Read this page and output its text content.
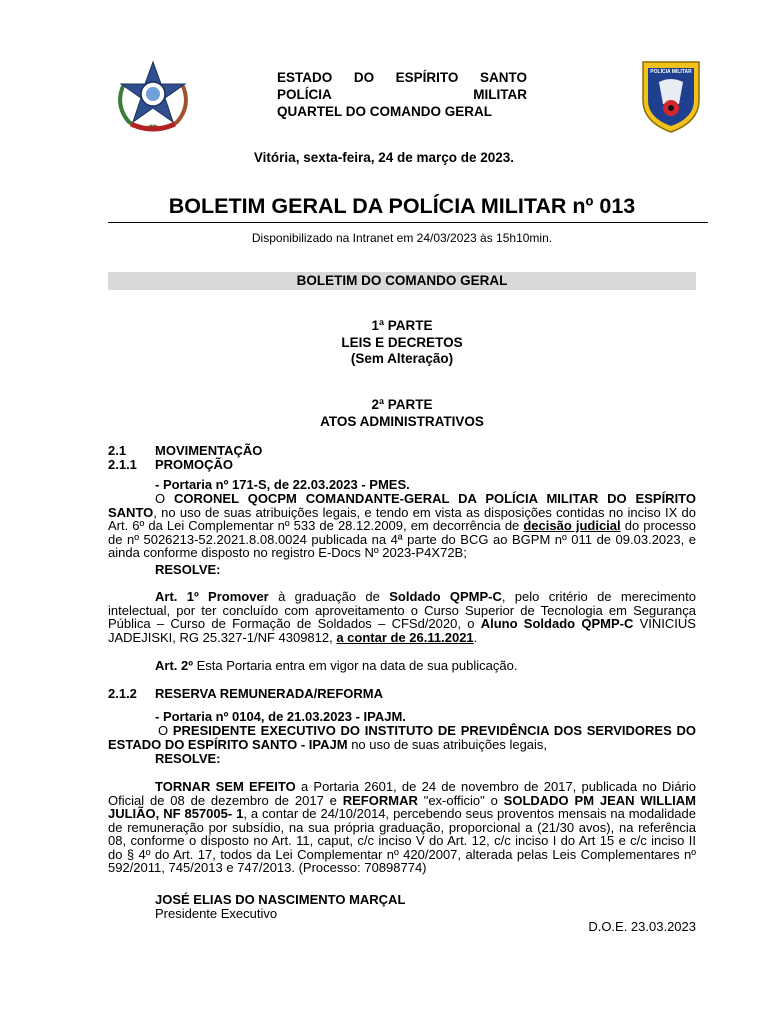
ESTADO DO ESPÍRITO SANTO
POLÍCIA	MILITAR
QUARTEL DO COMANDO GERAL
POLÍCIA MILITAR
Vitória, sexta-feira, 24 de março de 2023.
BOLETIM GERAL DA POLÍCIA MILITAR nº 013
Disponibilizado na Intranet em 24/03/2023 às 15h10min.
BOLETIM DO COMANDO GERAL
1ª PARTE
LEIS E DECRETOS
(Sem Alteração)
2ª PARTE
ATOS ADMINISTRATIVOS
2.1 MOVIMENTAÇÃO
2.1.1 PROMOÇÃO
- Portaria nº 171-S, de 22.03.2023 - PMES.
O CORONEL QOCPM COMANDANTE-GERAL DA POLÍCIA MILITAR DO ESPÍRITO SANTO, no uso de suas atribuições legais, e tendo em vista as disposições contidas no inciso IX do Art. 6º da Lei Complementar nº 533 de 28.12.2009, em decorrência de decisão judicial do processo de nº 5026213-52.2021.8.08.0024 publicada na 4ª parte do BCG ao BGPM nº 011 de 09.03.2023, e ainda conforme disposto no registro E-Docs Nº 2023-P4X72B;
RESOLVE:
Art. 1º Promover à graduação de Soldado QPMP-C, pelo critério de merecimento intelectual, por ter concluído com aproveitamento o Curso Superior de Tecnologia em Segurança Pública – Curso de Formação de Soldados – CFSd/2020, o Aluno Soldado QPMP-C VINICIUS JADEJISKI, RG 25.327-1/NF 4309812, a contar de 26.11.2021.
Art. 2º Esta Portaria entra em vigor na data de sua publicação.
2.1.2 RESERVA REMUNERADA/REFORMA
- Portaria nº 0104, de 21.03.2023 - IPAJM.
O PRESIDENTE EXECUTIVO DO INSTITUTO DE PREVIDÊNCIA DOS SERVIDORES DO ESTADO DO ESPÍRITO SANTO - IPAJM no uso de suas atribuições legais,
RESOLVE:
TORNAR SEM EFEITO a Portaria 2601, de 24 de novembro de 2017, publicada no Diário Oficial de 08 de dezembro de 2017 e REFORMAR "ex-officio" o SOLDADO PM JEAN WILLIAM JULIÃO, NF 857005- 1, a contar de 24/10/2014, percebendo seus proventos mensais na modalidade de remuneração por subsídio, na sua própria graduação, proporcional a (21/30 avos), na referência 08, conforme o disposto no Art. 11, caput, c/c inciso V do Art. 12, c/c inciso I do Art 15 e c/c inciso II do § 4º do Art. 17, todos da Lei Complementar nº 420/2007, alterada pelas Leis Complementares nº 592/2011, 745/2013 e 747/2013. (Processo: 70898774)
JOSÉ ELIAS DO NASCIMENTO MARÇAL
Presidente Executivo
D.O.E. 23.03.2023
